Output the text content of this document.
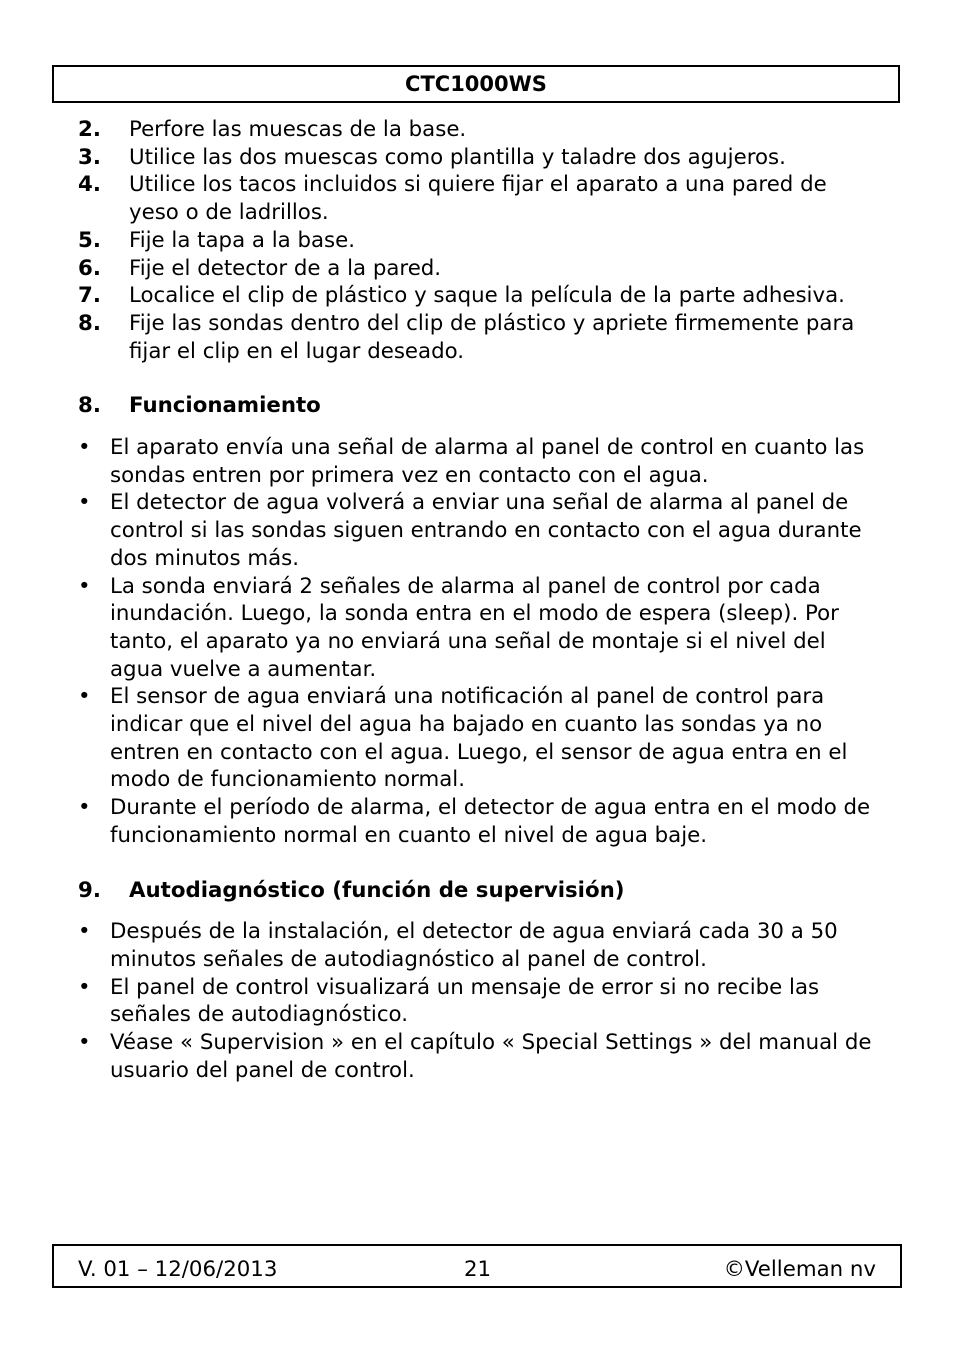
CTC1000WS
2. Perfore las muescas de la base.
3. Utilice las dos muescas como plantilla y taladre dos agujeros.
4. Utilice los tacos incluidos si quiere fijar el aparato a una pared de yeso o de ladrillos.
5. Fije la tapa a la base.
6. Fije el detector de a la pared.
7. Localice el clip de plástico y saque la película de la parte adhesiva.
8. Fije las sondas dentro del clip de plástico y apriete firmemente para fijar el clip en el lugar deseado.
8. Funcionamiento
• El aparato envía una señal de alarma al panel de control en cuanto las sondas entren por primera vez en contacto con el agua.
• El detector de agua volverá a enviar una señal de alarma al panel de control si las sondas siguen entrando en contacto con el agua durante dos minutos más.
• La sonda enviará 2 señales de alarma al panel de control por cada inundación. Luego, la sonda entra en el modo de espera (sleep). Por tanto, el aparato ya no enviará una señal de montaje si el nivel del agua vuelve a aumentar.
• El sensor de agua enviará una notificación al panel de control para indicar que el nivel del agua ha bajado en cuanto las sondas ya no entren en contacto con el agua. Luego, el sensor de agua entra en el modo de funcionamiento normal.
• Durante el período de alarma, el detector de agua entra en el modo de funcionamiento normal en cuanto el nivel de agua baje.
9. Autodiagnóstico (función de supervisión)
• Después de la instalación, el detector de agua enviará cada 30 a 50 minutos señales de autodiagnóstico al panel de control.
• El panel de control visualizará un mensaje de error si no recibe las señales de autodiagnóstico.
• Véase « Supervision » en el capítulo « Special Settings » del manual de usuario del panel de control.
V. 01 – 12/06/2013	21	©Velleman nv
